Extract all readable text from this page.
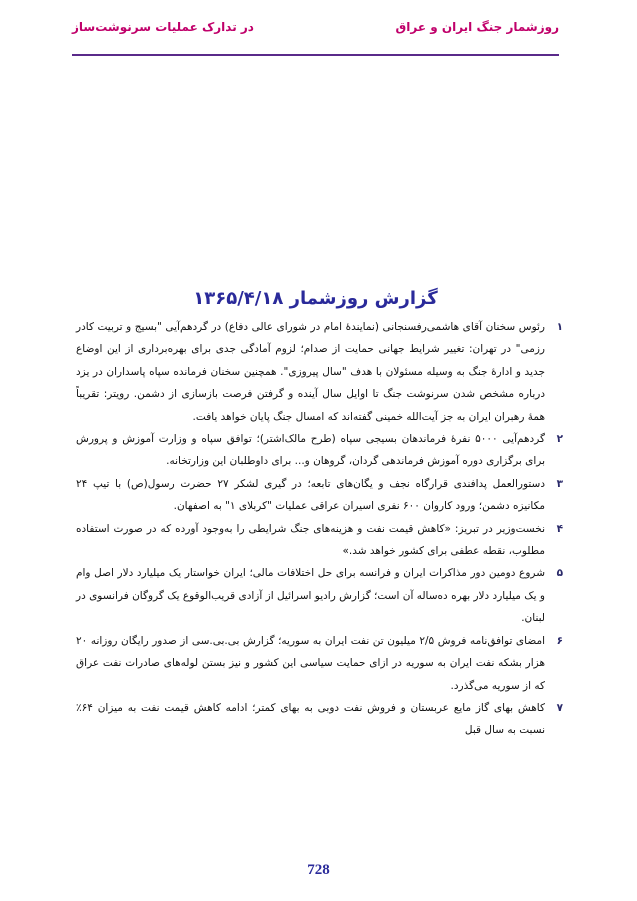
روزشمار جنگ ایران و عراق
در تدارک عملیات سرنوشت‌ساز
گزارش روزشمار ۱۳۶۵/۴/۱۸
۱
رئوس سخنان آقای هاشمی‌رفسنجانی (نمایندهٔ امام در شورای عالی دفاع) در گردهم‌آیی "بسیج و تربیت کادر رزمی" در تهران: تغییر شرایط جهانی حمایت از صدام؛ لزوم آمادگی جدی برای بهره‌برداری از این اوضاع جدید و ادارهٔ جنگ به وسیله مسئولان با هدف "سال پیروزی". همچنین سخنان فرمانده سپاه پاسداران در یزد درباره مشخص شدن سرنوشت جنگ تا اوایل سال آینده و گرفتن فرصت بازسازی از دشمن. رویتر: تقریباً همهٔ رهبران ایران به جز آیت‌الله خمینی گفته‌اند که امسال جنگ پایان خواهد یافت.
۲
گردهم‌آیی ۵۰۰۰ نفرهٔ فرماندهان بسیجی سپاه (طرح مالک‌اشتر)؛ توافق سپاه و وزارت آموزش و پرورش برای برگزاری دوره آموزش فرماندهی گردان، گروهان و... برای داوطلبان این وزارتخانه.
۳
دستورالعمل پدافندی قرارگاه نجف و یگان‌های تابعه؛ در گیری لشکر ۲۷ حضرت رسول(ص) با تیپ ۲۴ مکانیزه دشمن؛ ورود کاروان ۶۰۰ نفری اسیران عراقی عملیات "کربلای ۱" به اصفهان.
۴
نخست‌وزیر در تبریز: «کاهش قیمت نفت و هزینه‌های جنگ شرایطی را به‌وجود آورده که در صورت استفاده مطلوب، نقطه عطفی برای کشور خواهد شد.»
۵
شروع دومین دور مذاکرات ایران و فرانسه برای حل اختلافات مالی؛ ایران خواستار یک میلیارد دلار اصل وام و یک میلیارد دلار بهره ده‌ساله آن است؛ گزارش رادیو اسرائیل از آزادی قریب‌الوقوع یک گروگان فرانسوی در لبنان.
۶
امضای توافق‌نامه فروش ۲/۵ میلیون تن نفت ایران به سوریه؛ گزارش بی.بی.سی از صدور رایگان روزانه ۲۰ هزار بشکه نفت ایران به سوریه در ازای حمایت سیاسی این کشور و نیز بستن لوله‌های صادرات نفت عراق که از سوریه می‌گذرد.
۷
کاهش بهای گاز مایع عربستان و فروش نفت دوبی به بهای کمتر؛ ادامه کاهش قیمت نفت به میزان ۶۴٪ نسبت به سال قبل
728
